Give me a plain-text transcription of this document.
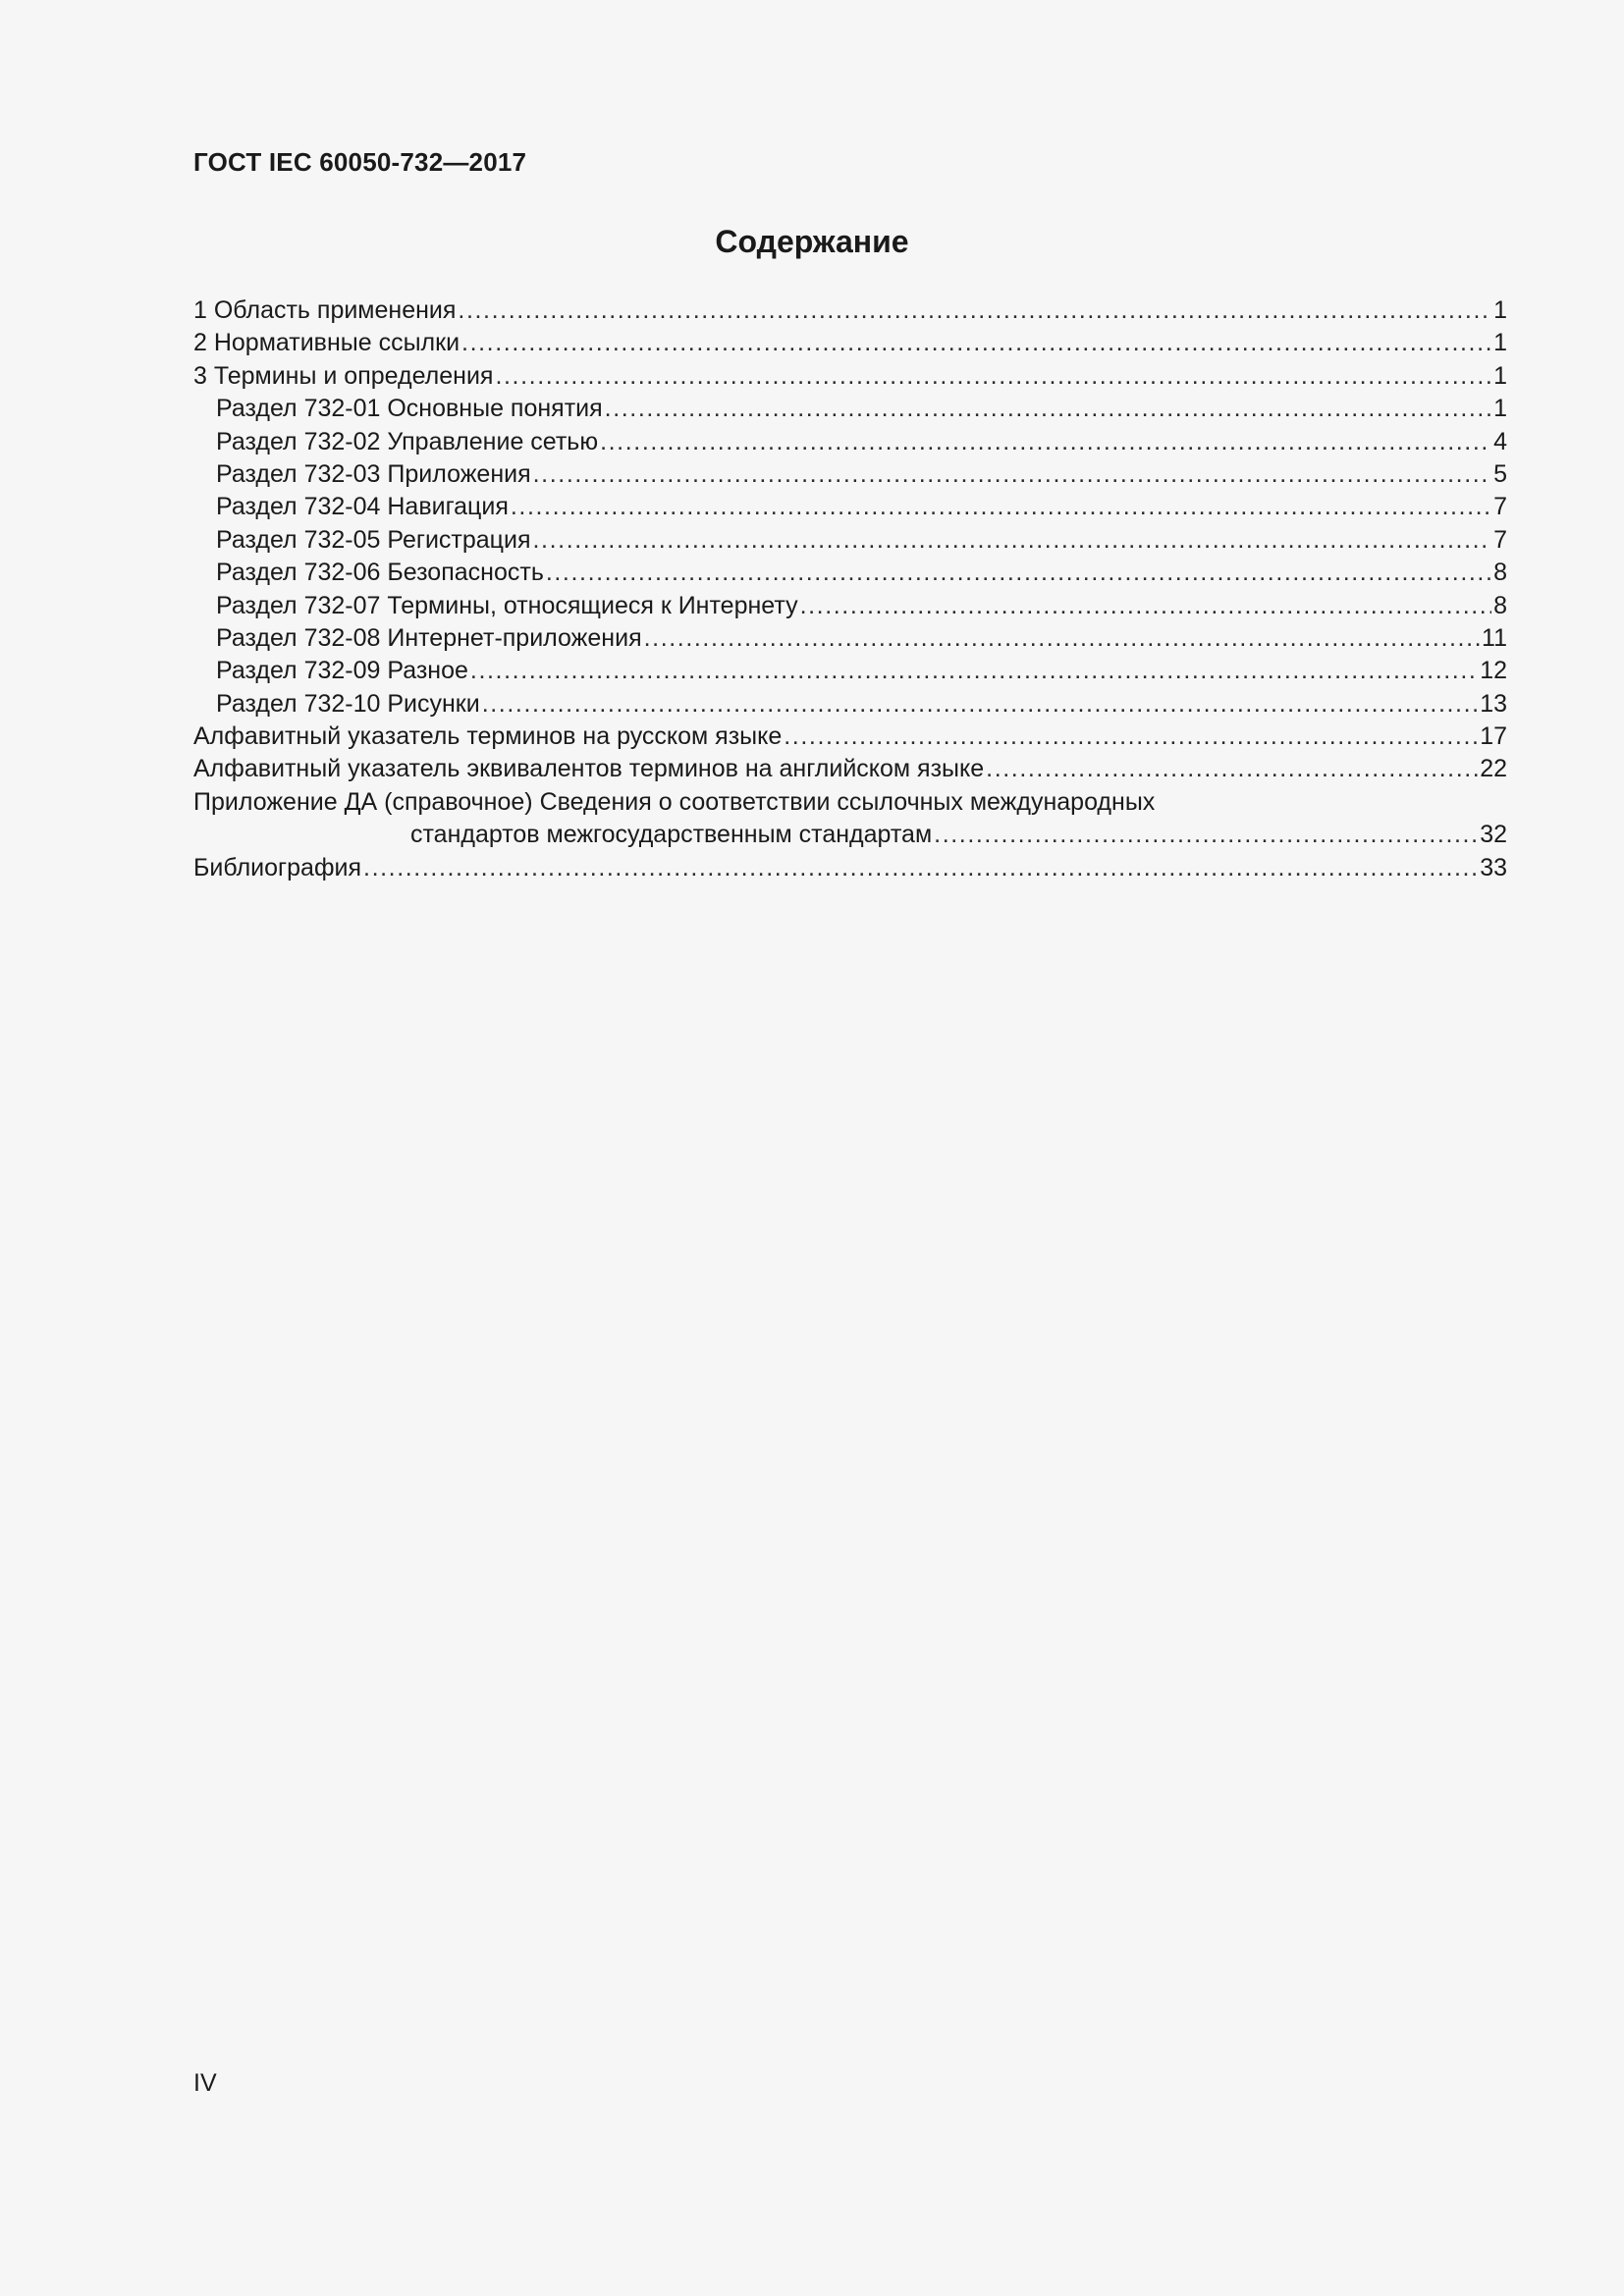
ГОСТ IEC 60050-732—2017
Содержание
1 Область применения .....	1
2 Нормативные ссылки .....	1
3 Термины и определения .....	1
Раздел 732-01 Основные понятия .....	1
Раздел 732-02 Управление сетью .....	4
Раздел 732-03 Приложения .....	5
Раздел 732-04 Навигация .....	7
Раздел 732-05 Регистрация .....	7
Раздел 732-06 Безопасность .....	8
Раздел 732-07 Термины, относящиеся к Интернету .....	8
Раздел 732-08 Интернет-приложения .....	11
Раздел 732-09 Разное .....	12
Раздел 732-10 Рисунки .....	13
Алфавитный указатель терминов на русском языке .....	17
Алфавитный указатель эквивалентов терминов на английском языке .....	22
Приложение ДА (справочное) Сведения о соответствии ссылочных международных
стандартов межгосударственным стандартам .....	32
Библиография .....	33
IV
